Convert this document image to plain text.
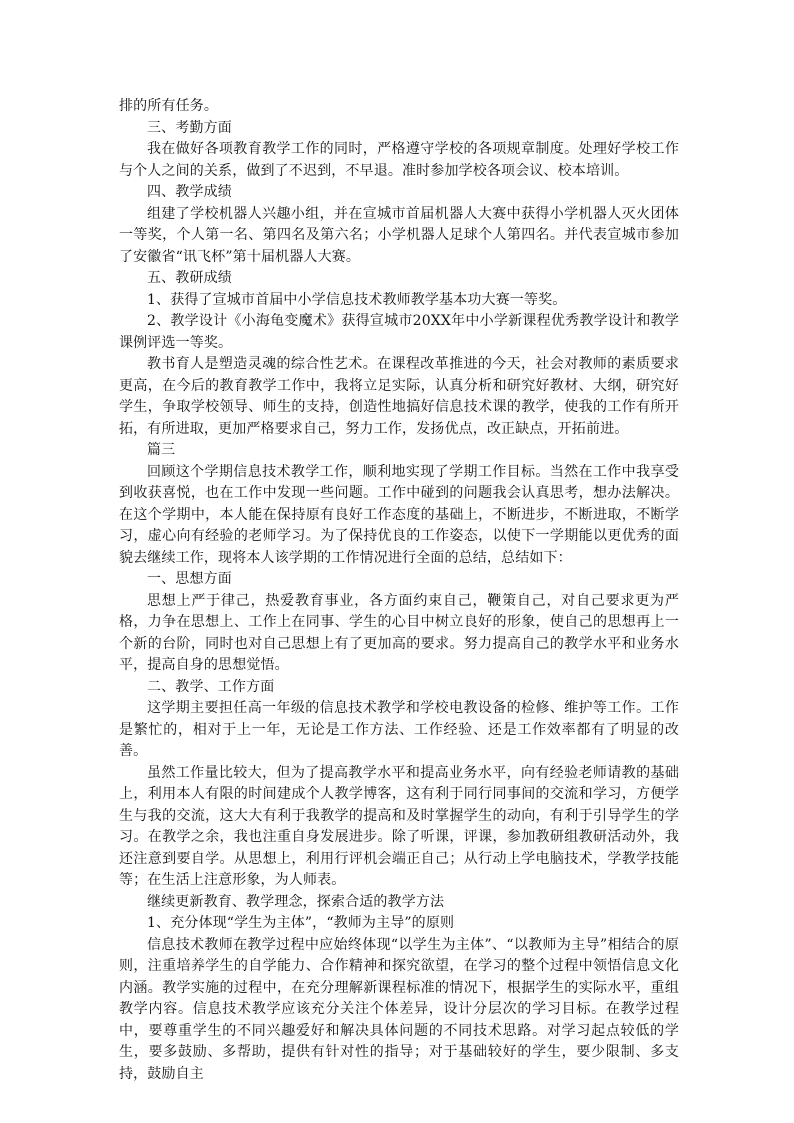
排的所有任务。

三、考勤方面

我在做好各项教育教学工作的同时，严格遵守学校的各项规章制度。处理好学校工作与个人之间的关系，做到了不迟到，不早退。准时参加学校各项会议、校本培训。

四、教学成绩

组建了学校机器人兴趣小组，并在宣城市首届机器人大赛中获得小学机器人灭火团体一等奖，个人第一名、第四名及第六名；小学机器人足球个人第四名。并代表宣城市参加了安徽省“讯飞杯”第十届机器人大赛。

五、教研成绩

1、获得了宣城市首届中小学信息技术教师教学基本功大赛一等奖。

2、教学设计《小海龟变魔术》获得宣城市20XX年中小学新课程优秀教学设计和教学课例评选一等奖。

教书育人是塑造灵魂的综合性艺术。在课程改革推进的今天，社会对教师的素质要求更高，在今后的教育教学工作中，我将立足实际，认真分析和研究好教材、大纲，研究好学生，争取学校领导、师生的支持，创造性地搞好信息技术课的教学，使我的工作有所开拓，有所进取，更加严格要求自己，努力工作，发扬优点，改正缺点，开拓前进。

篇三

回顾这个学期信息技术教学工作，顺利地实现了学期工作目标。当然在工作中我享受到收获喜悦，也在工作中发现一些问题。工作中碰到的问题我会认真思考，想办法解决。在这个学期中，本人能在保持原有良好工作态度的基础上，不断进步，不断进取，不断学习，虚心向有经验的老师学习。为了保持优良的工作姿态，以使下一学期能以更优秀的面貌去继续工作，现将本人该学期的工作情况进行全面的总结，总结如下：

一、思想方面

思想上严于律己，热爱教育事业，各方面约束自己，鞭策自己，对自己要求更为严格，力争在思想上、工作上在同事、学生的心目中树立良好的形象，使自己的思想再上一个新的台阶，同时也对自己思想上有了更加高的要求。努力提高自己的教学水平和业务水平，提高自身的思想觉悟。

二、教学、工作方面

这学期主要担任高一年级的信息技术教学和学校电教设备的检修、维护等工作。工作是繁忙的，相对于上一年，无论是工作方法、工作经验、还是工作效率都有了明显的改善。

虽然工作量比较大，但为了提高教学水平和提高业务水平，向有经验老师请教的基础上，利用本人有限的时间建成个人教学博客，这有利于同行同事间的交流和学习，方便学生与我的交流，这大大有利于我教学的提高和及时掌握学生的动向，有利于引导学生的学习。在教学之余，我也注重自身发展进步。除了听课，评课，参加教研组教研活动外，我还注意到要自学。从思想上，利用行评机会端正自己；从行动上学电脑技术，学教学技能等；在生活上注意形象，为人师表。

继续更新教育、教学理念，探索合适的教学方法

1、充分体现“学生为主体”，“教师为主导”的原则

信息技术教师在教学过程中应始终体现“以学生为主体”、“以教师为主导”相结合的原则，注重培养学生的自学能力、合作精神和探究欲望，在学习的整个过程中领悟信息文化内涵。教学实施的过程中，在充分理解新课程标准的情况下，根据学生的实际水平，重组教学内容。信息技术教学应该充分关注个体差异，设计分层次的学习目标。在教学过程中，要尊重学生的不同兴趣爱好和解决具体问题的不同技术思路。对学习起点较低的学生，要多鼓励、多帮助，提供有针对性的指导；对于基础较好的学生，要少限制、多支持，鼓励自主
